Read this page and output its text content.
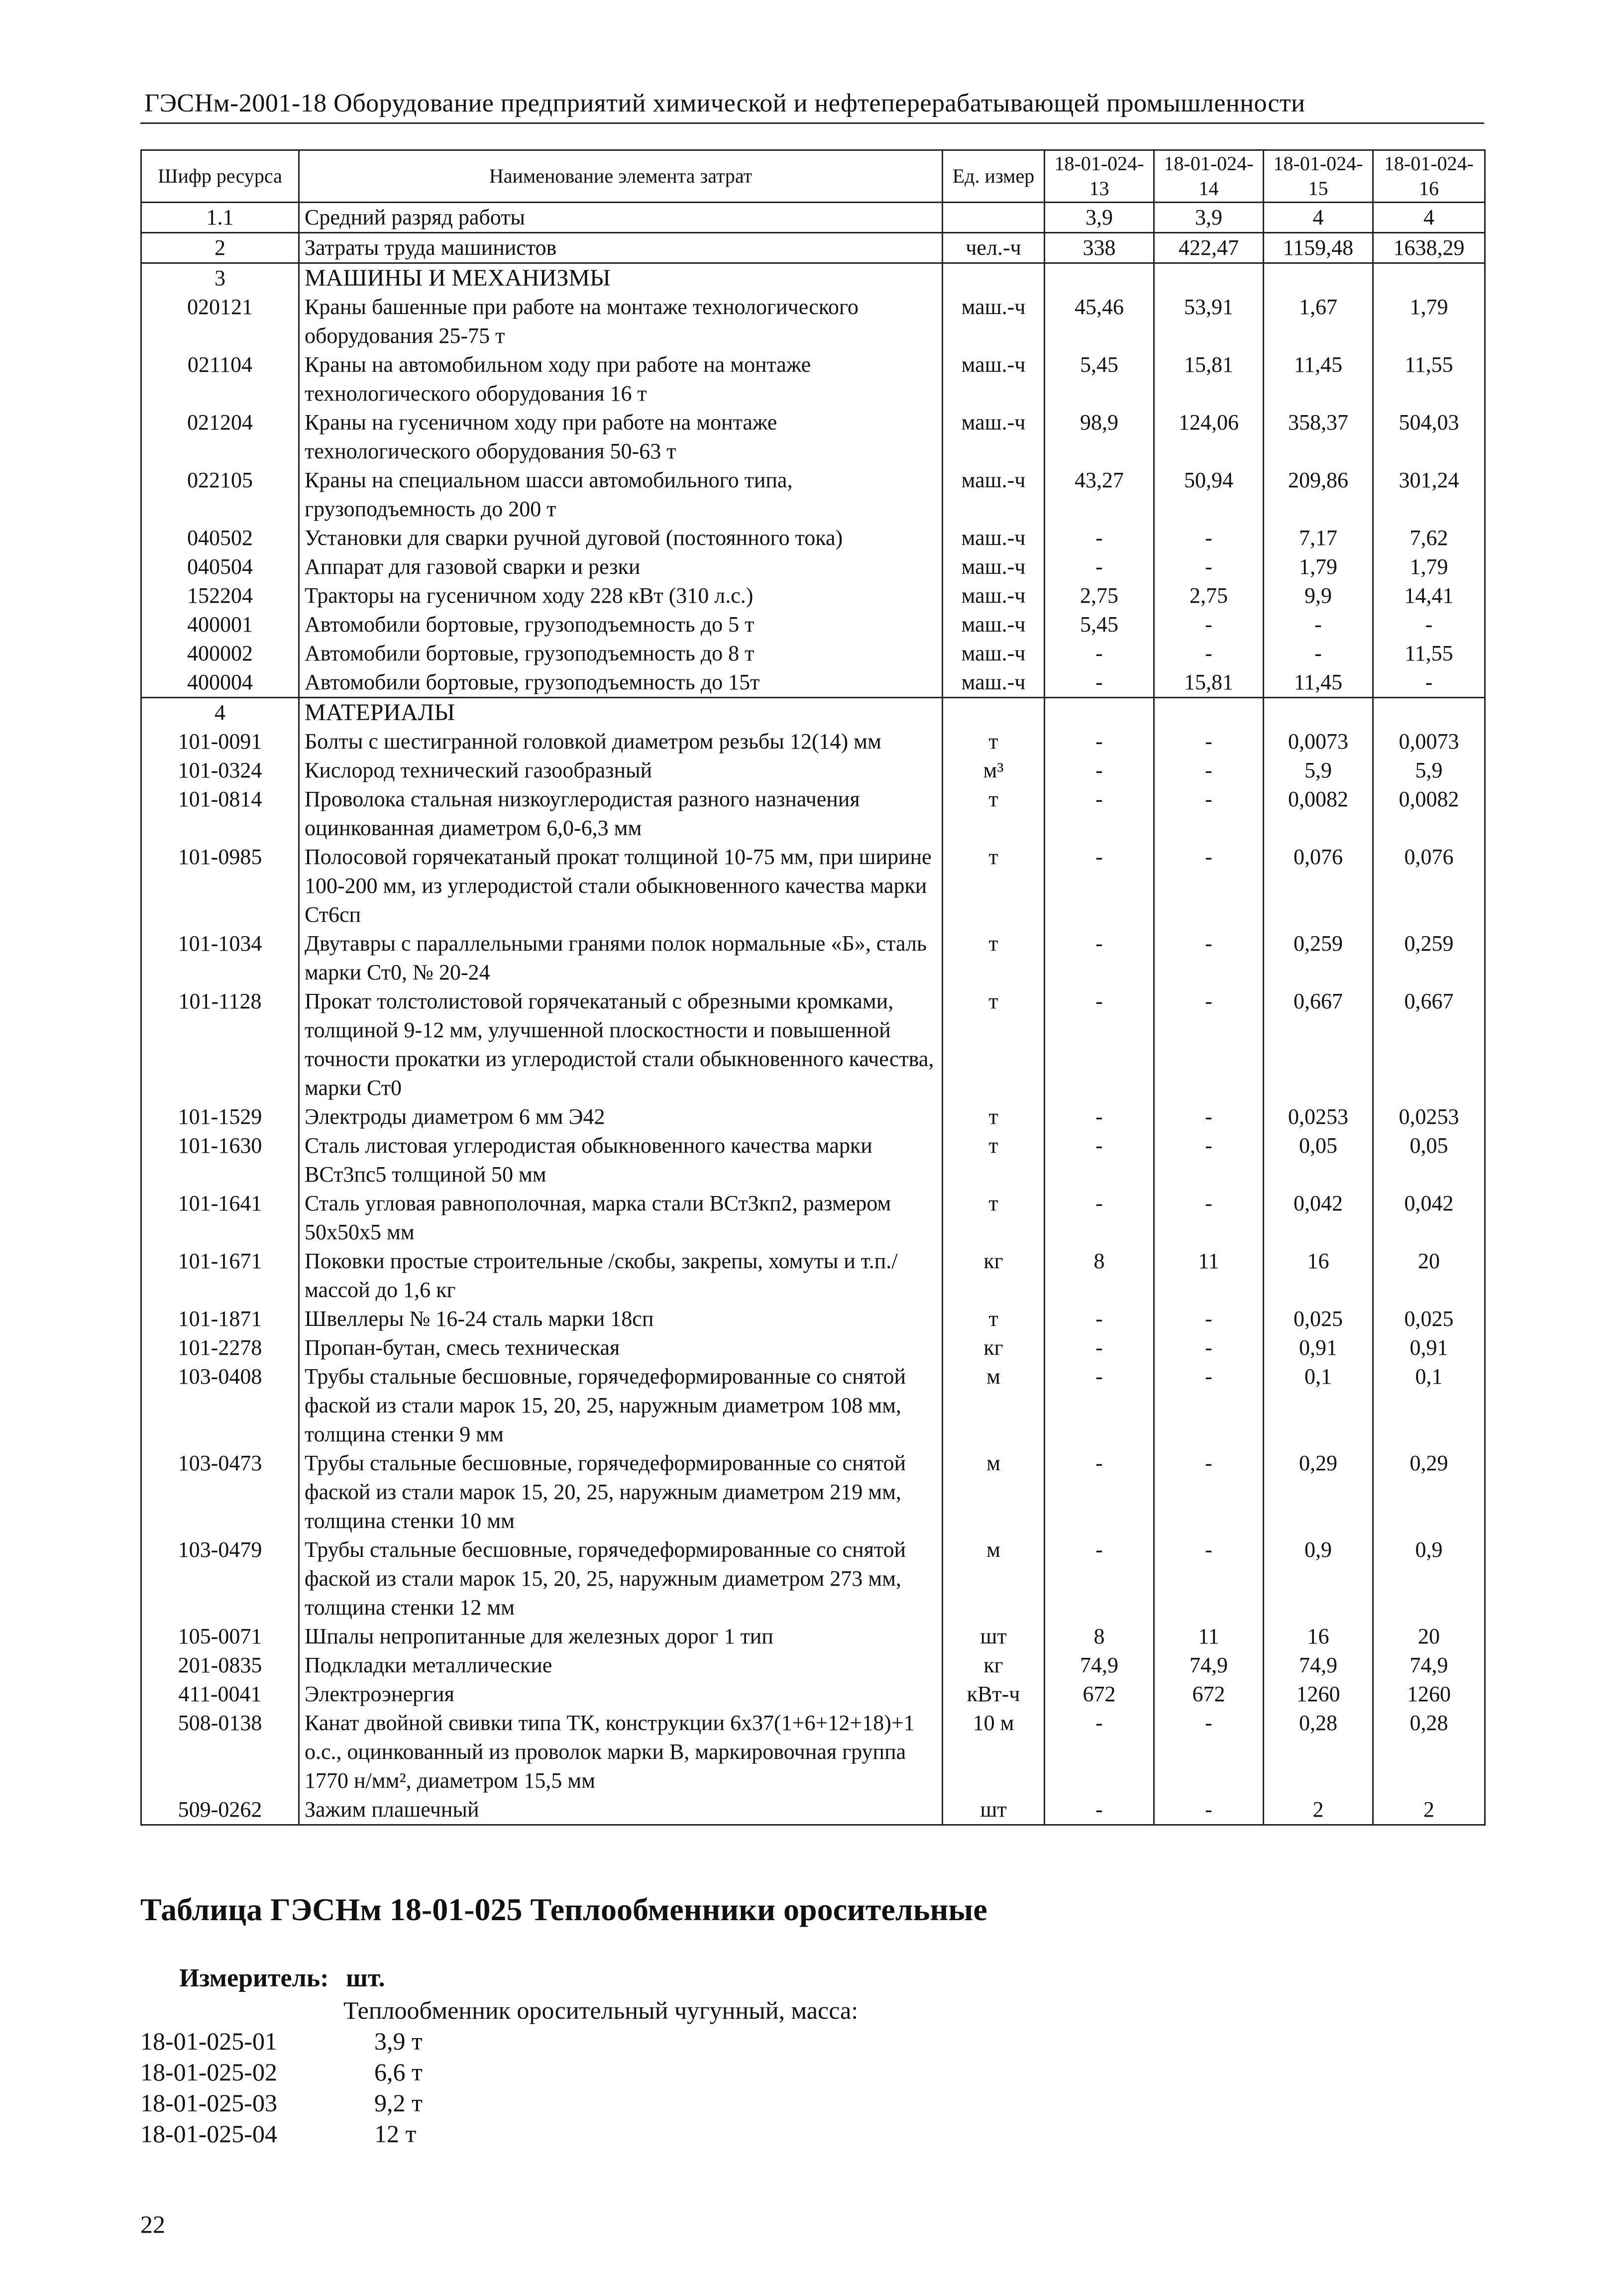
ГЭСНм-2001-18 Оборудование предприятий химической и нефтеперерабатывающей промышленности
Шифр ресурса	Наименование элемента затрат	Ед. измер	18-01-024-13	18-01-024-14	18-01-024-15	18-01-024-16
1.1	Средний разряд работы		3,9	3,9	4	4
2	Затраты труда машинистов	чел.-ч	338	422,47	1159,48	1638,29
3	МАШИНЫ И МЕХАНИЗМЫ					
020121	Краны башенные при работе на монтаже технологического оборудования 25-75 т	маш.-ч	45,46	53,91	1,67	1,79
021104	Краны на автомобильном ходу при работе на монтаже технологического оборудования 16 т	маш.-ч	5,45	15,81	11,45	11,55
021204	Краны на гусеничном ходу при работе на монтаже технологического оборудования 50-63 т	маш.-ч	98,9	124,06	358,37	504,03
022105	Краны на специальном шасси автомобильного типа, грузоподъемность до 200 т	маш.-ч	43,27	50,94	209,86	301,24
040502	Установки для сварки ручной дуговой (постоянного тока)	маш.-ч	-	-	7,17	7,62
040504	Аппарат для газовой сварки и резки	маш.-ч	-	-	1,79	1,79
152204	Тракторы на гусеничном ходу 228 кВт (310 л.с.)	маш.-ч	2,75	2,75	9,9	14,41
400001	Автомобили бортовые, грузоподъемность до 5 т	маш.-ч	5,45	-	-	-
400002	Автомобили бортовые, грузоподъемность до 8 т	маш.-ч	-	-	-	11,55
400004	Автомобили бортовые, грузоподъемность до 15т	маш.-ч	-	15,81	11,45	-
4	МАТЕРИАЛЫ					
101-0091	Болты с шестигранной головкой диаметром резьбы 12(14) мм	т	-	-	0,0073	0,0073
101-0324	Кислород технический газообразный	м³	-	-	5,9	5,9
101-0814	Проволока стальная низкоуглеродистая разного назначения оцинкованная диаметром 6,0-6,3 мм	т	-	-	0,0082	0,0082
101-0985	Полосовой горячекатаный прокат толщиной 10-75 мм, при ширине 100-200 мм, из углеродистой стали обыкновенного качества марки Ст6сп	т	-	-	0,076	0,076
101-1034	Двутавры с параллельными гранями полок нормальные «Б», сталь марки Ст0, № 20-24	т	-	-	0,259	0,259
101-1128	Прокат толстолистовой горячекатаный с обрезными кромками, толщиной 9-12 мм, улучшенной плоскостности и повышенной точности прокатки из углеродистой стали обыкновенного качества, марки Ст0	т	-	-	0,667	0,667
101-1529	Электроды диаметром 6 мм Э42	т	-	-	0,0253	0,0253
101-1630	Сталь листовая углеродистая обыкновенного качества марки ВСт3пс5 толщиной 50 мм	т	-	-	0,05	0,05
101-1641	Сталь угловая равнополочная, марка стали ВСт3кп2, размером 50х50х5 мм	т	-	-	0,042	0,042
101-1671	Поковки простые строительные /скобы, закрепы, хомуты и т.п./ массой до 1,6 кг	кг	8	11	16	20
101-1871	Швеллеры № 16-24 сталь марки 18сп	т	-	-	0,025	0,025
101-2278	Пропан-бутан, смесь техническая	кг	-	-	0,91	0,91
103-0408	Трубы стальные бесшовные, горячедеформированные со снятой фаской из стали марок 15, 20, 25, наружным диаметром 108 мм, толщина стенки 9 мм	м	-	-	0,1	0,1
103-0473	Трубы стальные бесшовные, горячедеформированные со снятой фаской из стали марок 15, 20, 25, наружным диаметром 219 мм, толщина стенки 10 мм	м	-	-	0,29	0,29
103-0479	Трубы стальные бесшовные, горячедеформированные со снятой фаской из стали марок 15, 20, 25, наружным диаметром 273 мм, толщина стенки 12 мм	м	-	-	0,9	0,9
105-0071	Шпалы непропитанные для железных дорог 1 тип	шт	8	11	16	20
201-0835	Подкладки металлические	кг	74,9	74,9	74,9	74,9
411-0041	Электроэнергия	кВт-ч	672	672	1260	1260
508-0138	Канат двойной свивки типа ТК, конструкции 6х37(1+6+12+18)+1 о.с., оцинкованный из проволок марки В, маркировочная группа 1770 н/мм², диаметром 15,5 мм	10 м	-	-	0,28	0,28
509-0262	Зажим плашечный	шт	-	-	2	2
Таблица ГЭСНм 18-01-025 Теплообменники оросительные
Измеритель: шт.
Теплообменник оросительный чугунный, масса:
18-01-025-01	3,9 т
18-01-025-02	6,6 т
18-01-025-03	9,2 т
18-01-025-04	12 т
22
